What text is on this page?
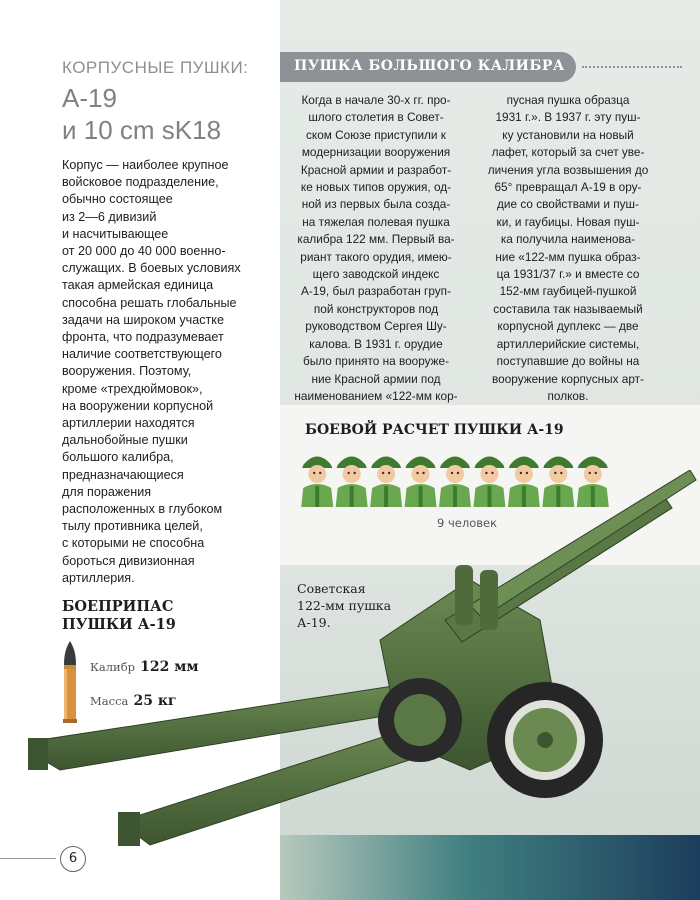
КОРПУСНЫЕ ПУШКИ:
А-19
и 10 cm sK18
Корпус — наиболее крупное
войсковое подразделение,
обычно состоящее
из 2—6 дивизий
и насчитывающее
от 20 000 до 40 000 военно-
служащих. В боевых условиях
такая армейская единица
способна решать глобальные
задачи на широком участке
фронта, что подразумевает
наличие соответствующего
вооружения. Поэтому,
кроме «трехдюймовок»,
на вооружении корпусной
артиллерии находятся
дальнобойные пушки
большого калибра,
предназначающиеся
для поражения
расположенных в глубоком
тылу противника целей,
с которыми не способна
бороться дивизионная
артиллерия.
БОЕПРИПАС
ПУШКИ А-19
Калибр 122 мм
Масса 25 кг
ПУШКА БОЛЬШОГО КАЛИБРА
Когда в начале 30-х гг. про-
шлого столетия в Совет-
ском Союзе приступили к
модернизации вооружения
Красной армии и разработ-
ке новых типов оружия, од-
ной из первых была созда-
на тяжелая полевая пушка
калибра 122 мм. Первый ва-
риант такого орудия, имею-
щего заводской индекс
А-19, был разработан груп-
пой конструкторов под
руководством Сергея Шу-
калова. В 1931 г. орудие
было принято на вооруже-
ние Красной армии под
наименованием «122-мм кор-
пусная пушка образца
1931 г.». В 1937 г. эту пуш-
ку установили на новый
лафет, который за счет уве-
личения угла возвышения до
65° превращал А-19 в ору-
дие со свойствами и пуш-
ки, и гаубицы. Новая пуш-
ка получила наименова-
ние «122-мм пушка образ-
ца 1931/37 г.» и вместе со
152-мм гаубицей-пушкой
составила так называемый
корпусной дуплекс — две
артиллерийские системы,
поступавшие до войны на
вооружение корпусных арт-
полков.
БОЕВОЙ РАСЧЕТ ПУШКИ А-19
9 человек
Советская
122-мм пушка
А-19.
6
